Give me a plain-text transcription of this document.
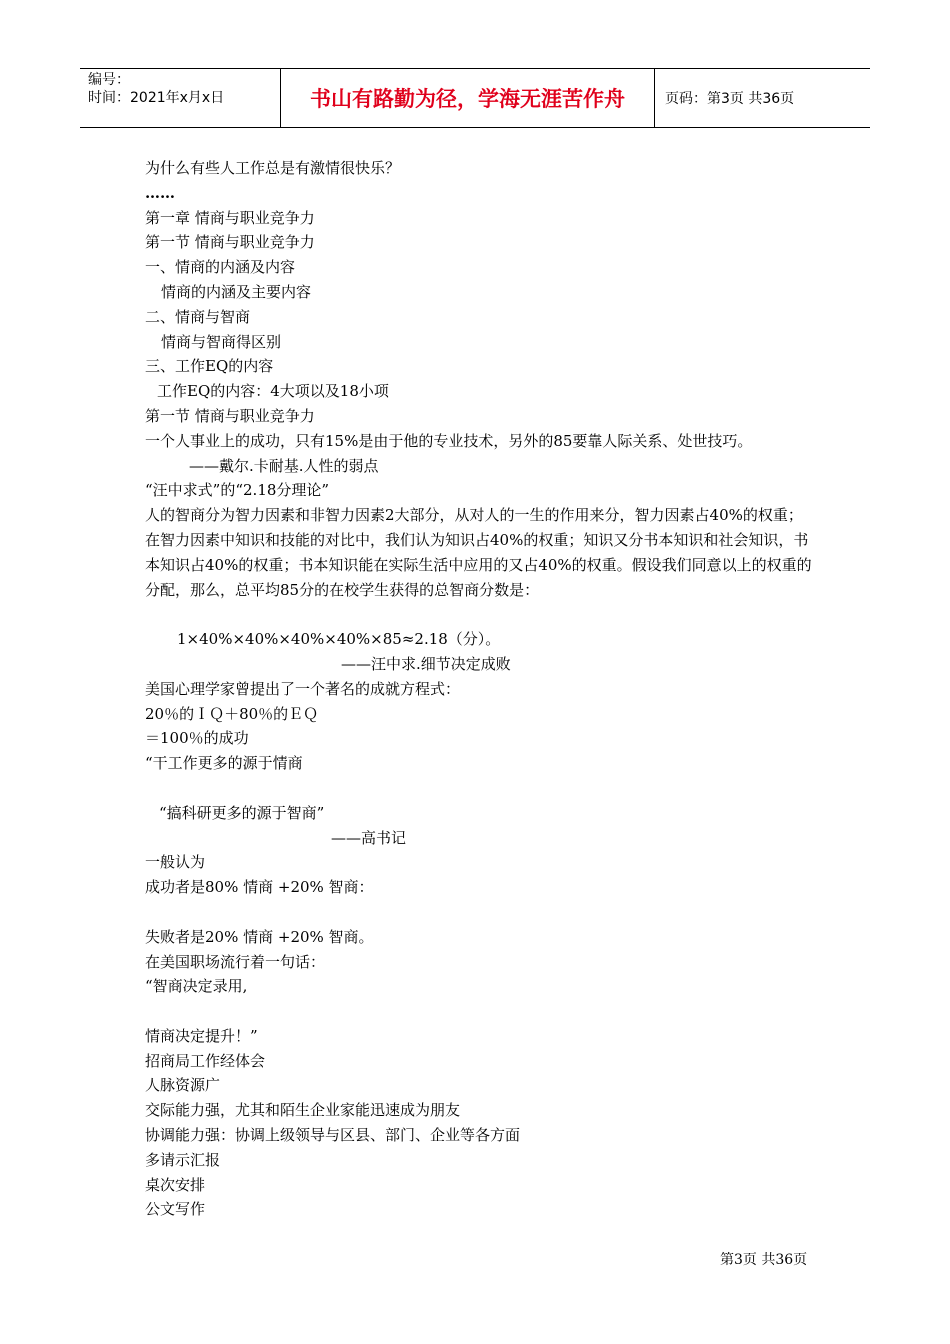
编号：
时间：2021年x月x日	书山有路勤为径，学海无涯苦作舟	页码：第3页 共36页
为什么有些人工作总是有激情很快乐？
……
第一章 情商与职业竞争力
第一节 情商与职业竞争力
一、情商的内涵及内容
情商的内涵及主要内容
二、情商与智商
情商与智商得区别
三、工作EQ的内容
工作EQ的内容：4大项以及18小项
第一节 情商与职业竞争力
一个人事业上的成功，只有15%是由于他的专业技术，另外的85要靠人际关系、处世技巧。
——戴尔.卡耐基.人性的弱点
“汪中求式”的“2.18分理论”
人的智商分为智力因素和非智力因素2大部分，从对人的一生的作用来分，智力因素占40%的权重；在智力因素中知识和技能的对比中，我们认为知识占40%的权重；知识又分书本知识和社会知识，书本知识占40%的权重；书本知识能在实际生活中应用的又占40%的权重。假设我们同意以上的权重的分配，那么，总平均85分的在校学生获得的总智商分数是：
1×40%×40%×40%×40%×85≈2.18（分）。
——汪中求.细节决定成败
美国心理学家曾提出了一个著名的成就方程式：
20％的ＩＱ＋80％的ＥＱ
＝100％的成功
“干工作更多的源于情商
“搞科研更多的源于智商”
——高书记
一般认为
成功者是80% 情商 +20% 智商：
失败者是20% 情商 +20% 智商。
在美国职场流行着一句话：
“智商决定录用,
情商决定提升！”
招商局工作经体会
人脉资源广
交际能力强，尤其和陌生企业家能迅速成为朋友
协调能力强：协调上级领导与区县、部门、企业等各方面
多请示汇报
桌次安排
公文写作
第3页 共36页
